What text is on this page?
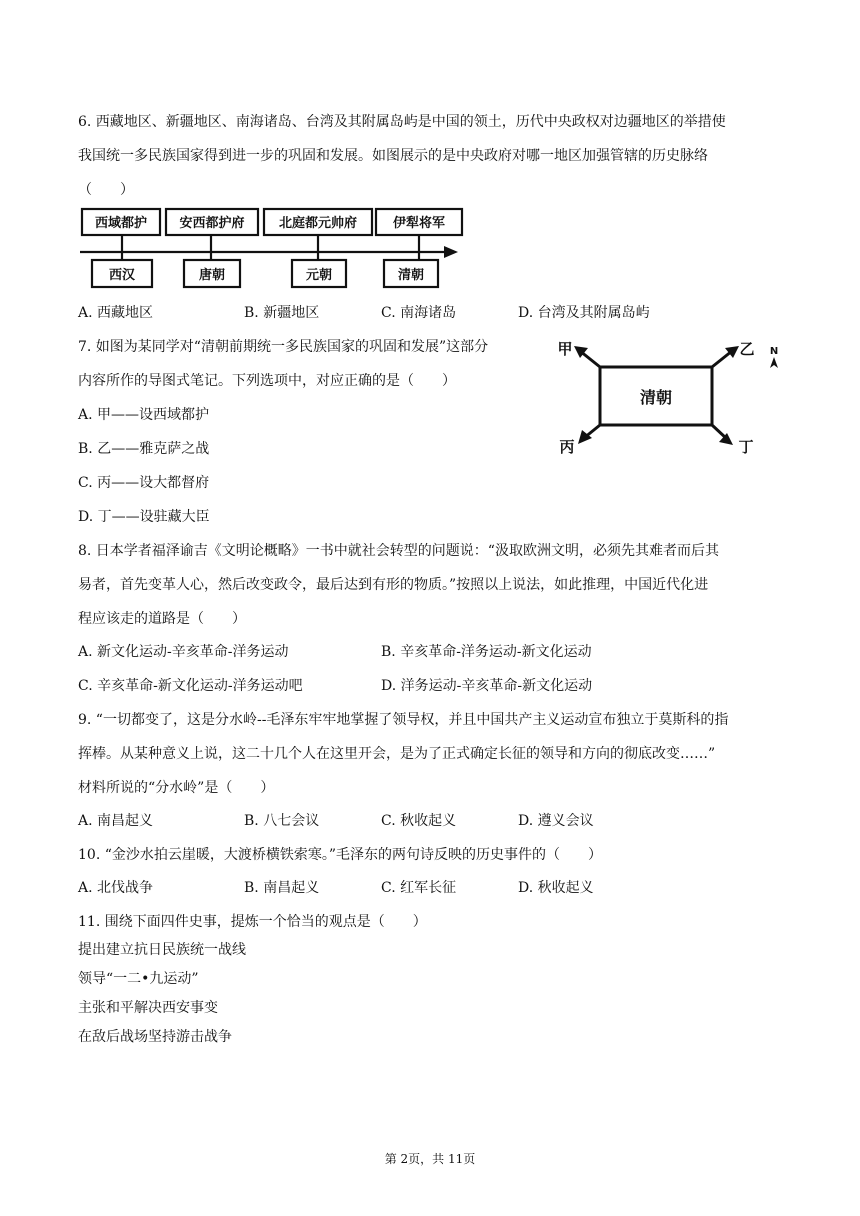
6. 西藏地区、新疆地区、南海诸岛、台湾及其附属岛屿是中国的领土，历代中央政权对边疆地区的举措使
我国统一多民族国家得到进一步的巩固和发展。如图展示的是中央政府对哪一地区加强管辖的历史脉络
（　　）
西域都护 安西都护府	北庭都元帅府	伊犁将军
西汉	唐朝	元朝	清朝
A. 西藏地区	B. 新疆地区	C. 南海诸岛	D. 台湾及其附属岛屿
7. 如图为某同学对“清朝前期统一多民族国家的巩固和发展”这部分
内容所作的导图式笔记。下列选项中，对应正确的是（　　）
A. 甲——设西域都护
B. 乙——雅克萨之战
C. 丙——设大都督府
D. 丁——设驻藏大臣
清朝
甲	乙
丙	丁
N
8. 日本学者福泽谕吉《文明论概略》一书中就社会转型的问题说：“汲取欧洲文明，必须先其难者而后其
易者，首先变革人心，然后改变政令，最后达到有形的物质。”按照以上说法，如此推理，中国近代化进
程应该走的道路是（　　）
A. 新文化运动-辛亥革命-洋务运动	B. 辛亥革命-洋务运动-新文化运动
C. 辛亥革命-新文化运动-洋务运动吧	D. 洋务运动-辛亥革命-新文化运动
9. “一切都变了，这是分水岭--毛泽东牢牢地掌握了领导权，并且中国共产主义运动宣布独立于莫斯科的指
挥棒。从某种意义上说，这二十几个人在这里开会，是为了正式确定长征的领导和方向的彻底改变……”
材料所说的“分水岭”是（　　）
A. 南昌起义	B. 八七会议	C. 秋收起义	D. 遵义会议
10. “金沙水拍云崖暖，大渡桥横铁索寒。”毛泽东的两句诗反映的历史事件的（　　）
A. 北伐战争	B. 南昌起义	C. 红军长征	D. 秋收起义
11. 围绕下面四件史事，提炼一个恰当的观点是（　　）
提出建立抗日民族统一战线
领导“一二•九运动”
主张和平解决西安事变
在敌后战场坚持游击战争
第 2页，共 11页
